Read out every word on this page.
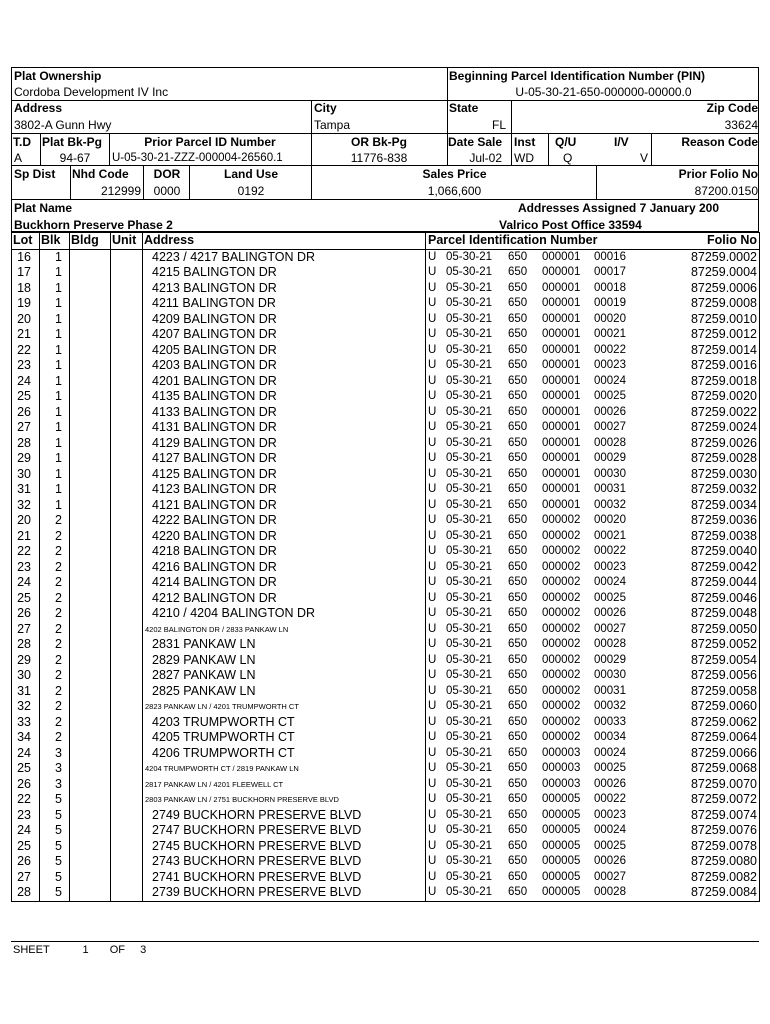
Plat Ownership
Cordoba Development IV Inc
Beginning Parcel Identification Number (PIN)
U-05-30-21-650-000000-00000.0
Address
3802-A Gunn Hwy
City
Tampa
State
FL
Zip Code
33624
T.D
A
Plat Bk-Pg
94-67
Prior Parcel ID Number
U-05-30-21-ZZZ-000004-26560.1
OR Bk-Pg
11776-838
Date Sale
Jul-02
Inst
WD
Q/U
Q
I/V
V
Reason Code
Sp Dist Nhd Code
212999
DOR
0000
Land Use
0192
Sales Price
1,066,600
Prior Folio No
87200.0150
Plat Name
Buckhorn Preserve Phase 2
Addresses Assigned 7 January 200
Valrico Post Office 33594
Lot	Blk	Bldg	Unit	Address	Parcel Identification Number	Folio No
16	1			4223 / 4217 BALINGTON DR	U 05-30-21 650 000001 00016	87259.0002
17	1			4215 BALINGTON DR	U 05-30-21 650 000001 00017	87259.0004
18	1			4213 BALINGTON DR	U 05-30-21 650 000001 00018	87259.0006
19	1			4211 BALINGTON DR	U 05-30-21 650 000001 00019	87259.0008
20	1			4209 BALINGTON DR	U 05-30-21 650 000001 00020	87259.0010
21	1			4207 BALINGTON DR	U 05-30-21 650 000001 00021	87259.0012
22	1			4205 BALINGTON DR	U 05-30-21 650 000001 00022	87259.0014
23	1			4203 BALINGTON DR	U 05-30-21 650 000001 00023	87259.0016
24	1			4201 BALINGTON DR	U 05-30-21 650 000001 00024	87259.0018
25	1			4135 BALINGTON DR	U 05-30-21 650 000001 00025	87259.0020
26	1			4133 BALINGTON DR	U 05-30-21 650 000001 00026	87259.0022
27	1			4131 BALINGTON DR	U 05-30-21 650 000001 00027	87259.0024
28	1			4129 BALINGTON DR	U 05-30-21 650 000001 00028	87259.0026
29	1			4127 BALINGTON DR	U 05-30-21 650 000001 00029	87259.0028
30	1			4125 BALINGTON DR	U 05-30-21 650 000001 00030	87259.0030
31	1			4123 BALINGTON DR	U 05-30-21 650 000001 00031	87259.0032
32	1			4121 BALINGTON DR	U 05-30-21 650 000001 00032	87259.0034
20	2			4222 BALINGTON DR	U 05-30-21 650 000002 00020	87259.0036
21	2			4220 BALINGTON DR	U 05-30-21 650 000002 00021	87259.0038
22	2			4218 BALINGTON DR	U 05-30-21 650 000002 00022	87259.0040
23	2			4216 BALINGTON DR	U 05-30-21 650 000002 00023	87259.0042
24	2			4214 BALINGTON DR	U 05-30-21 650 000002 00024	87259.0044
25	2			4212 BALINGTON DR	U 05-30-21 650 000002 00025	87259.0046
26	2			4210 / 4204 BALINGTON DR	U 05-30-21 650 000002 00026	87259.0048
27	2			4202 BALINGTON DR / 2833 PANKAW LN	U 05-30-21 650 000002 00027	87259.0050
28	2			2831 PANKAW LN	U 05-30-21 650 000002 00028	87259.0052
29	2			2829 PANKAW LN	U 05-30-21 650 000002 00029	87259.0054
30	2			2827 PANKAW LN	U 05-30-21 650 000002 00030	87259.0056
31	2			2825 PANKAW LN	U 05-30-21 650 000002 00031	87259.0058
32	2			2823 PANKAW LN / 4201 TRUMPWORTH CT	U 05-30-21 650 000002 00032	87259.0060
33	2			4203 TRUMPWORTH CT	U 05-30-21 650 000002 00033	87259.0062
34	2			4205 TRUMPWORTH CT	U 05-30-21 650 000002 00034	87259.0064
24	3			4206 TRUMPWORTH CT	U 05-30-21 650 000003 00024	87259.0066
25	3			4204 TRUMPWORTH CT / 2819 PANKAW LN	U 05-30-21 650 000003 00025	87259.0068
26	3			2817 PANKAW LN / 4201 FLEEWELL CT	U 05-30-21 650 000003 00026	87259.0070
22	5			2803 PANKAW LN / 2751 BUCKHORN PRESERVE BLVD	U 05-30-21 650 000005 00022	87259.0072
23	5			2749 BUCKHORN PRESERVE BLVD	U 05-30-21 650 000005 00023	87259.0074
24	5			2747 BUCKHORN PRESERVE BLVD	U 05-30-21 650 000005 00024	87259.0076
25	5			2745 BUCKHORN PRESERVE BLVD	U 05-30-21 650 000005 00025	87259.0078
26	5			2743 BUCKHORN PRESERVE BLVD	U 05-30-21 650 000005 00026	87259.0080
27	5			2741 BUCKHORN PRESERVE BLVD	U 05-30-21 650 000005 00027	87259.0082
28	5			2739 BUCKHORN PRESERVE BLVD	U 05-30-21 650 000005 00028	87259.0084
SHEET	1 OF 3
